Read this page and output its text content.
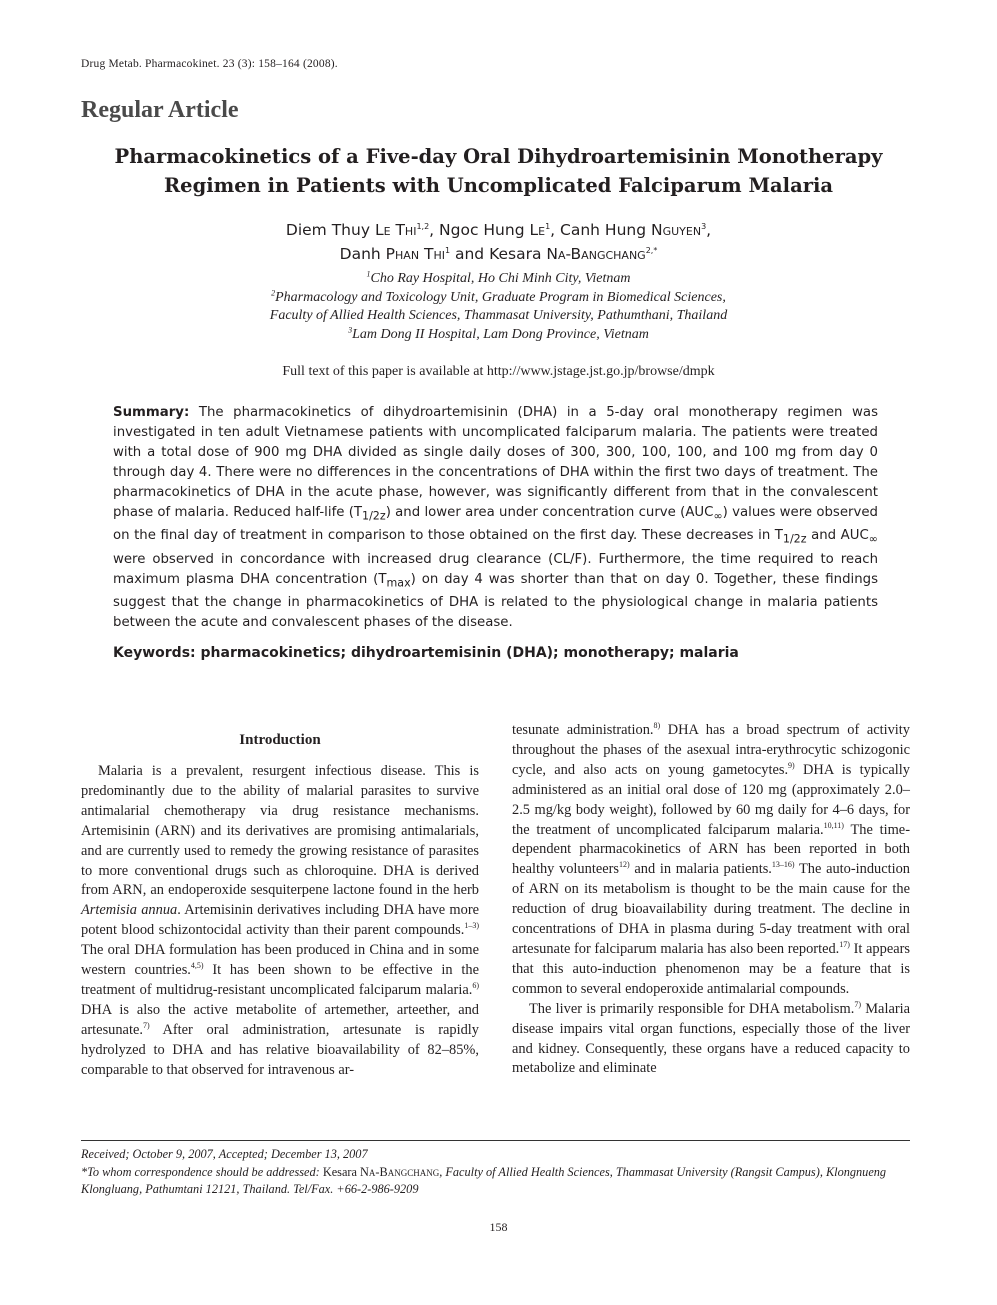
Drug Metab. Pharmacokinet. 23 (3): 158–164 (2008).
Regular Article
Pharmacokinetics of a Five-day Oral Dihydroartemisinin Monotherapy
Regimen in Patients with Uncomplicated Falciparum Malaria
Diem Thuy Le Thi$^{1,2}$, Ngoc Hung Le$^1$, Canh Hung Nguyen$^3$,
Danh Phan Thi$^1$ and Kesara Na-Bangchang$^{2,*}$
$^1$Cho Ray Hospital, Ho Chi Minh City, Vietnam
$^2$Pharmacology and Toxicology Unit, Graduate Program in Biomedical Sciences,
Faculty of Allied Health Sciences, Thammasat University, Pathumthani, Thailand
$^3$Lam Dong II Hospital, Lam Dong Province, Vietnam
Full text of this paper is available at http://www.jstage.jst.go.jp/browse/dmpk
Summary: The pharmacokinetics of dihydroartemisinin (DHA) in a 5-day oral monotherapy regimen was investigated in ten adult Vietnamese patients with uncomplicated falciparum malaria. The patients were treated with a total dose of 900 mg DHA divided as single daily doses of 300, 300, 100, 100, and 100 mg from day 0 through day 4. There were no differences in the concentrations of DHA within the first two days of treatment. The pharmacokinetics of DHA in the acute phase, however, was significantly different from that in the convalescent phase of malaria. Reduced half-life $(T_{1/2z})$ and lower area under concentration curve $(AUC_\infty)$ values were observed on the final day of treatment in comparison to those obtained on the first day. These decreases in $T_{1/2z}$ and $AUC_\infty$ were observed in concordance with increased drug clearance (CL/F). Furthermore, the time required to reach maximum plasma DHA concentration $(T_{max})$ on day 4 was shorter than that on day 0. Together, these findings suggest that the change in pharmacokinetics of DHA is related to the physiological change in malaria patients between the acute and convalescent phases of the disease.
Keywords: pharmacokinetics; dihydroartemisinin (DHA); monotherapy; malaria
Introduction

Malaria is a prevalent, resurgent infectious disease. This is predominantly due to the ability of malarial parasites to survive antimalarial chemotherapy via drug resistance mechanisms. Artemisinin (ARN) and its derivatives are promising antimalarials, and are currently used to remedy the growing resistance of parasites to more conventional drugs such as chloroquine. DHA is derived from ARN, an endoperoxide sesquiterpene lactone found in the herb Artemisia annua. Artemisinin derivatives including DHA have more potent blood schizontocidal activity than their parent compounds.$^{1-3)}$ The oral DHA formulation has been produced in China and in some western countries.$^{4,5)}$ It has been shown to be effective in the treatment of multidrug-resistant uncomplicated falciparum malaria.$^{6)}$ DHA is also the active metabolite of artemether, arteether, and artesunate.$^{7)}$ After oral administration, artesunate is rapidly hydrolyzed to DHA and has relative bioavailability of 82–85%, comparable to that observed for intravenous ar-

tesunate administration.$^{8)}$ DHA has a broad spectrum of activity throughout the phases of the asexual intra-erythrocytic schizogonic cycle, and also acts on young gametocytes.$^{9)}$ DHA is typically administered as an initial oral dose of 120 mg (approximately 2.0–2.5 mg/kg body weight), followed by 60 mg daily for 4–6 days, for the treatment of uncomplicated falciparum malaria.$^{10,11)}$ The time-dependent pharmacokinetics of ARN has been reported in both healthy volunteers$^{12)}$ and in malaria patients.$^{13-16)}$ The auto-induction of ARN on its metabolism is thought to be the main cause for the reduction of drug bioavailability during treatment. The decline in concentrations of DHA in plasma during 5-day treatment with oral artesunate for falciparum malaria has also been reported.$^{17)}$ It appears that this auto-induction phenomenon may be a feature that is common to several endoperoxide antimalarial compounds.

The liver is primarily responsible for DHA metabolism.$^{7)}$ Malaria disease impairs vital organ functions, especially those of the liver and kidney. Consequently, these organs have a reduced capacity to metabolize and eliminate

Received; October 9, 2007, Accepted; December 13, 2007
*To whom correspondence should be addressed: Kesara Na-Bangchang, Faculty of Allied Health Sciences, Thammasat University (Rangsit Campus), Klongnueng Klongluang, Pathumtani 12121, Thailand. Tel/Fax. +66-2-986-9209
158
